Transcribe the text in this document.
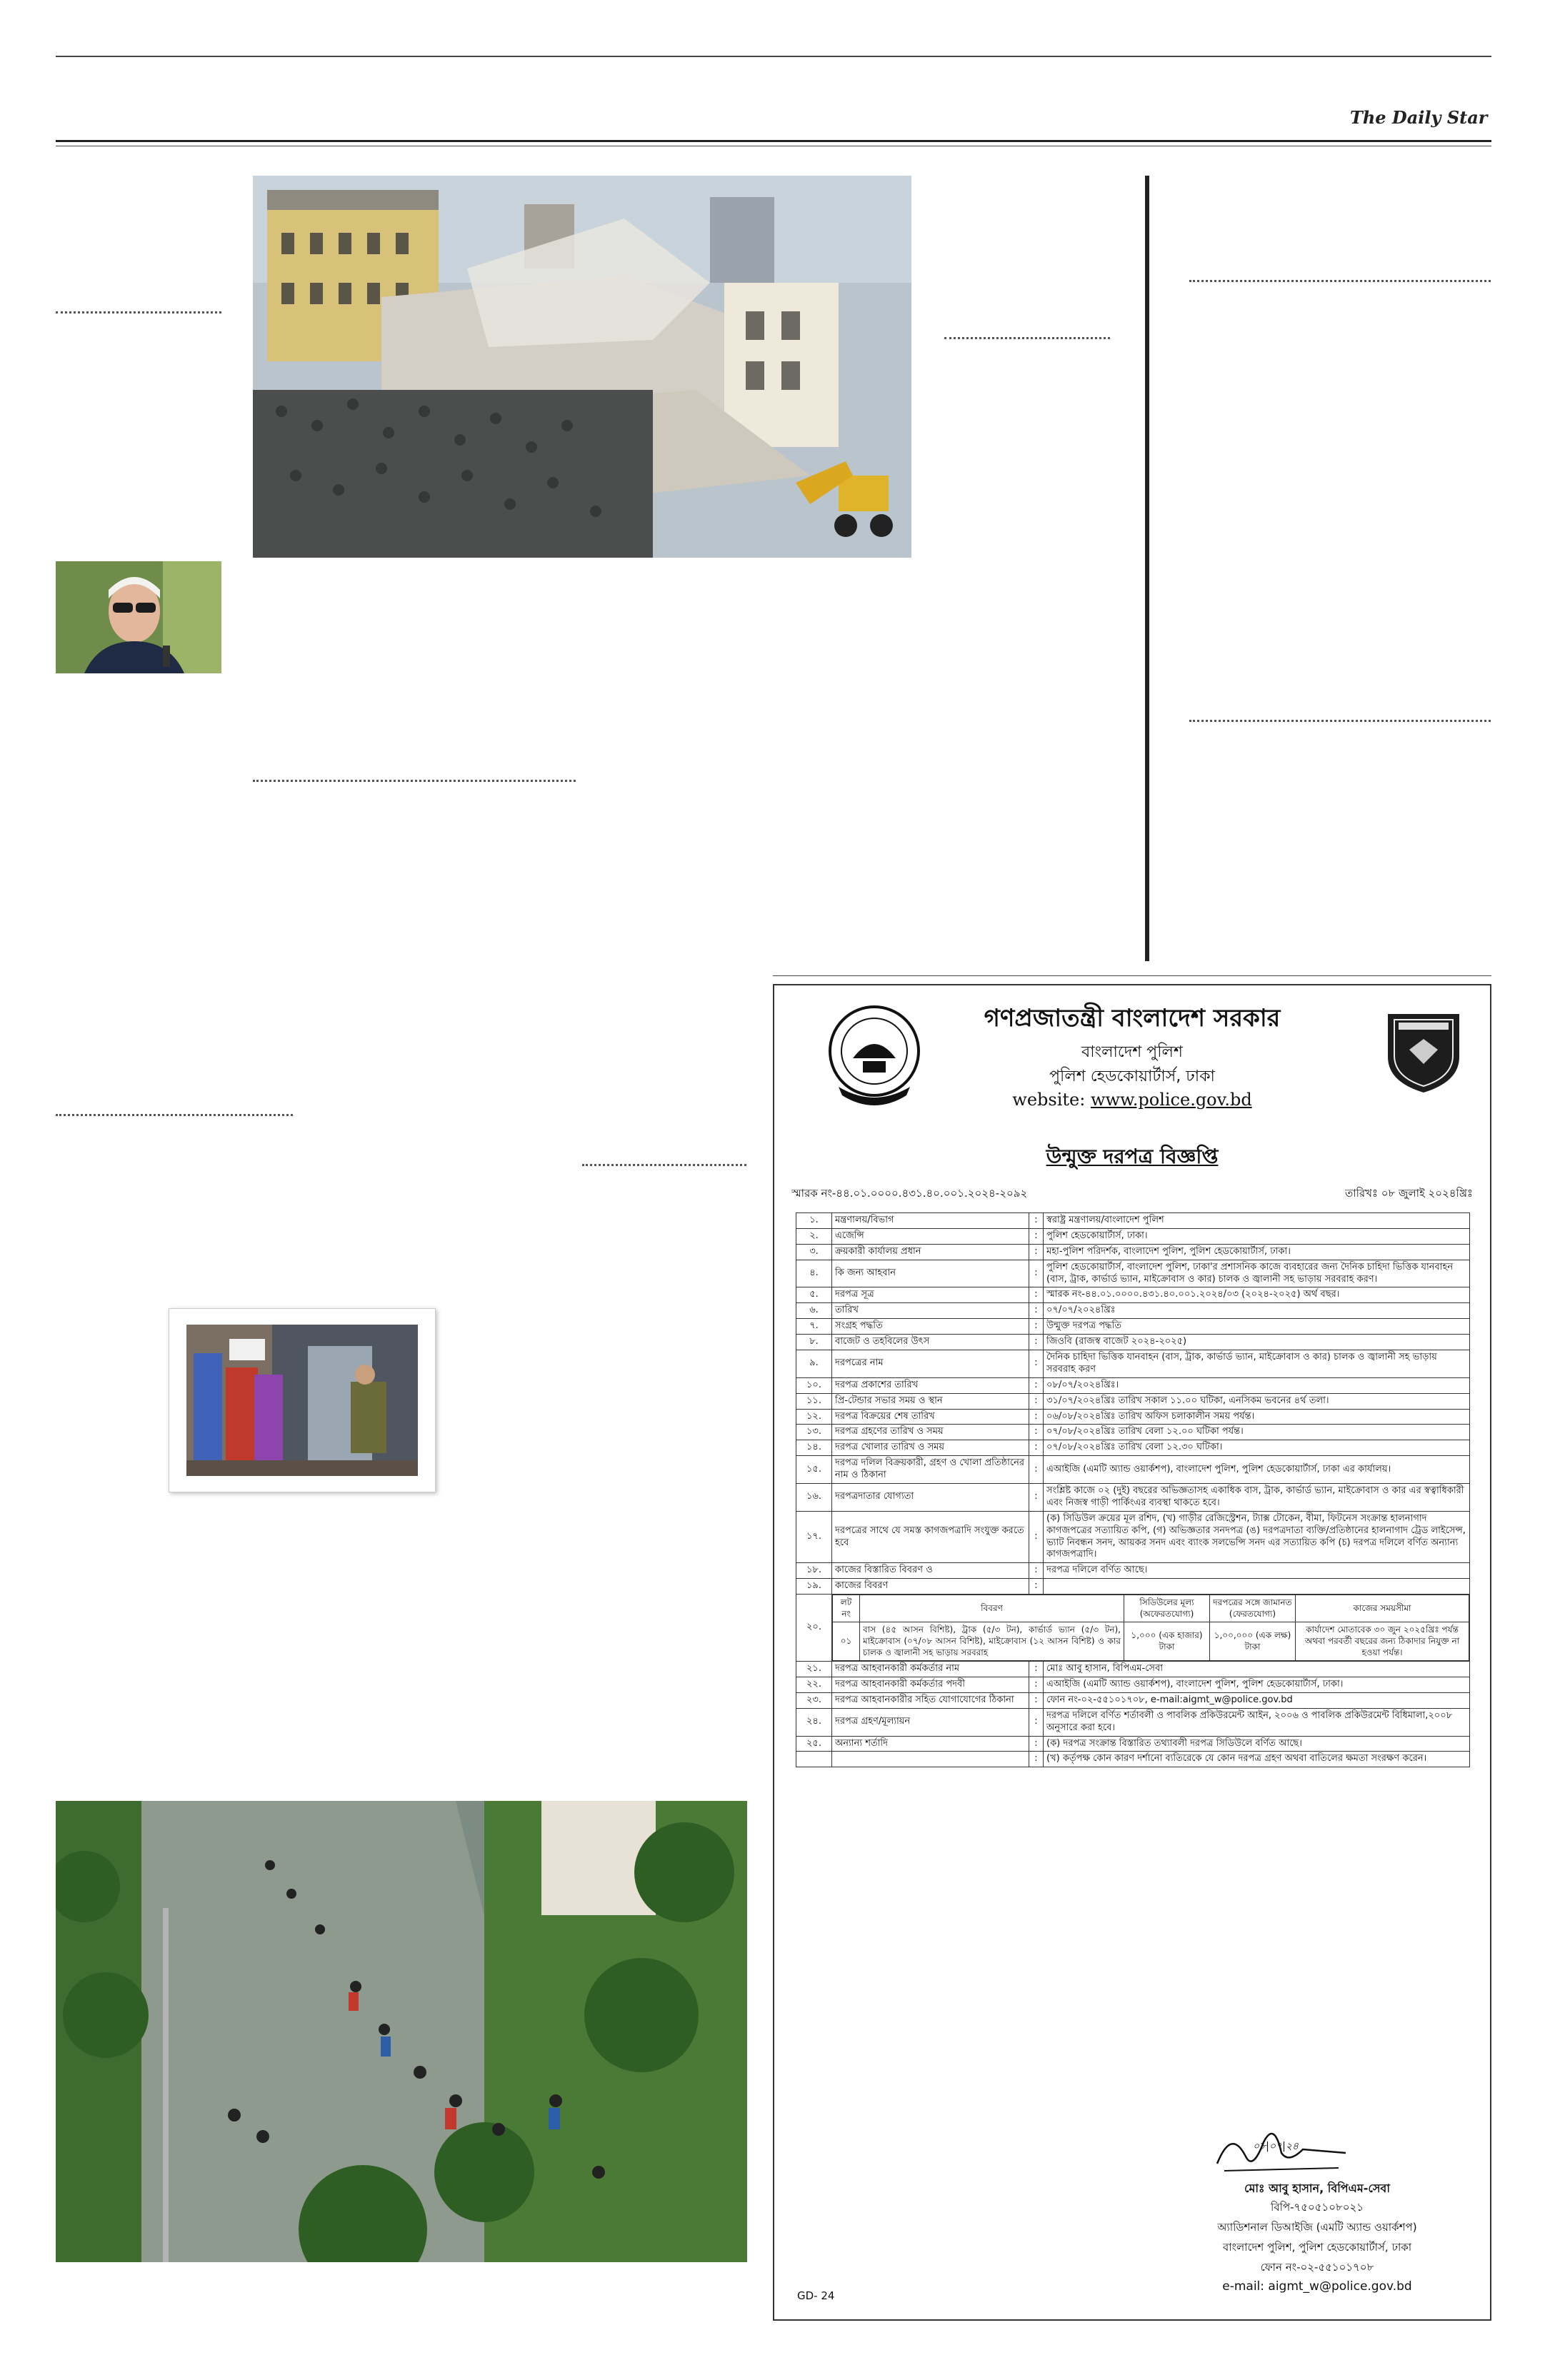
The Daily Star
গণপ্রজাতন্ত্রী বাংলাদেশ সরকার
বাংলাদেশ পুলিশ
পুলিশ হেডকোয়ার্টার্স, ঢাকা
website: www.police.gov.bd
উন্মুক্ত দরপত্র বিজ্ঞপ্তি
স্মারক নং-৪৪.০১.০০০০.৪৩১.৪০.০০১.২০২৪-২০৯২	তারিখঃ ০৮ জুলাই ২০২৪খ্রিঃ
১.	মন্ত্রণালয়/বিভাগ	:	স্বরাষ্ট্র মন্ত্রণালয়/বাংলাদেশ পুলিশ
২.	এজেন্সি	:	পুলিশ হেডকোয়ার্টার্স, ঢাকা।
৩.	ক্রয়কারী কার্যালয় প্রধান	:	মহা-পুলিশ পরিদর্শক, বাংলাদেশ পুলিশ, পুলিশ হেডকোয়ার্টার্স, ঢাকা।
৪.	কি জন্য আহবান	:	পুলিশ হেডকোয়ার্টার্স, বাংলাদেশ পুলিশ, ঢাকা'র প্রশাসনিক কাজে ব্যবহারের জন্য দৈনিক চাহিদা ভিত্তিক যানবাহন (বাস, ট্রাক, কার্ভার্ড ভ্যান, মাইক্রোবাস ও কার) চালক ও জ্বালানী সহ ভাড়ায় সরবরাহ করণ।
৫.	দরপত্র সূত্র	:	স্মারক নং-৪৪.০১.০০০০.৪৩১.৪০.০০১.২০২৪/০৩ (২০২৪-২০২৫) অর্থ বছর।
৬.	তারিখ	:	০৭/০৭/২০২৪খ্রিঃ
৭.	সংগ্রহ পদ্ধতি	:	উন্মুক্ত দরপত্র পদ্ধতি
৮.	বাজেট ও তহবিলের উৎস	:	জিওবি (রাজস্ব বাজেট ২০২৪-২০২৫)
৯.	দরপত্রের নাম	:	দৈনিক চাহিদা ভিত্তিক যানবাহন (বাস, ট্রাক, কার্ভার্ড ভ্যান, মাইক্রোবাস ও কার) চালক ও জ্বালানী সহ ভাড়ায় সরবরাহ করণ
১০.	দরপত্র প্রকাশের তারিখ	:	০৮/০৭/২০২৪খ্রিঃ।
১১.	প্রি-টেন্ডার সভার সময় ও স্থান	:	৩১/০৭/২০২৪খ্রিঃ তারিখ সকাল ১১.০০ ঘটিকা, এনসিকম ভবনের ৪র্থ তলা।
১২.	দরপত্র বিক্রয়ের শেষ তারিখ	:	০৬/০৮/২০২৪খ্রিঃ তারিখ অফিস চলাকালীন সময় পর্যন্ত।
১৩.	দরপত্র গ্রহণের তারিখ ও সময়	:	০৭/০৮/২০২৪খ্রিঃ তারিখ বেলা ১২.০০ ঘটিকা পর্যন্ত।
১৪.	দরপত্র খোলার তারিখ ও সময়	:	০৭/০৮/২০২৪খ্রিঃ তারিখ বেলা ১২.৩০ ঘটিকা।
১৫.	দরপত্র দলিল বিক্রয়কারী, গ্রহণ ও খোলা প্রতিষ্ঠানের নাম ও ঠিকানা	:	এআইজি (এমটি অ্যান্ড ওয়ার্কশপ), বাংলাদেশ পুলিশ, পুলিশ হেডকোয়ার্টার্স, ঢাকা এর কার্যালয়।
১৬.	দরপত্রদাতার যোগ্যতা	:	সংশ্লিষ্ট কাজে ০২ (দুই) বছরের অভিজ্ঞতাসহ একাধিক বাস, ট্রাক, কার্ভার্ড ভ্যান, মাইক্রোবাস ও কার এর স্বত্বাধিকারী এবং নিজস্ব গাড়ী পার্কিংএর ব্যবস্থা থাকতে হবে।
১৭.	দরপত্রের সাথে যে সমস্ত কাগজপত্রাদি সংযুক্ত করতে হবে	:	(ক) সিডিউল ক্রয়ের মূল রশিদ, (খ) গাড়ীর রেজিস্ট্রেশন, ট্যাক্স টোকেন, বীমা, ফিটনেস সংক্রান্ত হালনাগাদ কাগজপত্রের সত্যায়িত কপি, (গ) অভিজ্ঞতার সনদপত্র (ঙ) দরপত্রদাতা ব্যক্তি/প্রতিষ্ঠানের হালনাগাদ ট্রেড লাইসেন্স, ভ্যাট নিবন্ধন সনদ, আয়কর সনদ এবং ব্যাংক সলভেন্সি সনদ এর সত্যায়িত কপি (চ) দরপত্র দলিলে বর্ণিত অন্যান্য কাগজপত্রাদি।
১৮.	কাজের বিস্তারিত বিবরণ ও	:	দরপত্র দলিলে বর্ণিত আছে।
১৯.	কাজের বিবরণ	:	
২০.	
লট নং	বিবরণ	সিডিউলের মূল্য (অফেরতযোগ্য)	দরপত্রের সঙ্গে জামানত (ফেরতযোগ্য)	কাজের সময়সীমা
০১	বাস (৪৫ আসন বিশিষ্ট), ট্রাক (৫/৩ টন), কার্ভার্ড ভ্যান (৫/৩ টন), মাইক্রোবাস (০৭/০৮ আসন বিশিষ্ট), মাইক্রোবাস (১২ আসন বিশিষ্ট) ও কার চালক ও জ্বালানী সহ ভাড়ায় সরবরাহ	১,০০০ (এক হাজার) টাকা	১,০০,০০০ (এক লক্ষ) টাকা	কার্যাদেশ মোতাবেক ৩০ জুন ২০২৫খ্রিঃ পর্যন্ত অথবা পরবর্তী বছরের জন্য ঠিকাদার নিযুক্ত না হওয়া পর্যন্ত।

২১.	দরপত্র আহবানকারী কর্মকর্তার নাম	:	মোঃ আবু হাসান, বিপিএম-সেবা
২২.	দরপত্র আহবানকারী কর্মকর্তার পদবী	:	এআইজি (এমটি অ্যান্ড ওয়ার্কশপ), বাংলাদেশ পুলিশ, পুলিশ হেডকোয়ার্টার্স, ঢাকা।
২৩.	দরপত্র আহবানকারীর সহিত যোগাযোগের ঠিকানা	:	ফোন নং-০২-৫৫১০১৭০৮, e-mail:aigmt_w@police.gov.bd
২৪.	দরপত্র গ্রহণ/মূল্যায়ন	:	দরপত্র দলিলে বর্ণিত শর্তাবলী ও পাবলিক প্রকিউরমেন্ট আইন, ২০০৬ ও পাবলিক প্রকিউরমেন্ট বিধিমালা,২০০৮ অনুসারে করা হবে।
২৫.	অন্যান্য শর্তাদি	:	(ক) দরপত্র সংক্রান্ত বিস্তারিত তথ্যাবলী দরপত্র সিডিউলে বর্ণিত আছে।
		:	(খ) কর্তৃপক্ষ কোন কারণ দর্শানো ব্যতিরেকে যে কোন দরপত্র গ্রহণ অথবা বাতিলের ক্ষমতা সংরক্ষণ করেন।
০৮|০৭|২৪
মোঃ আবু হাসান, বিপিএম-সেবা
বিপি-৭৫০৫১০৮০২১
অ্যাডিশনাল ডিআইজি (এমটি অ্যান্ড ওয়ার্কশপ)
বাংলাদেশ পুলিশ, পুলিশ হেডকোয়ার্টার্স, ঢাকা
ফোন নং-০২-৫৫১০১৭০৮
e-mail: aigmt_w@police.gov.bd
GD- 24
